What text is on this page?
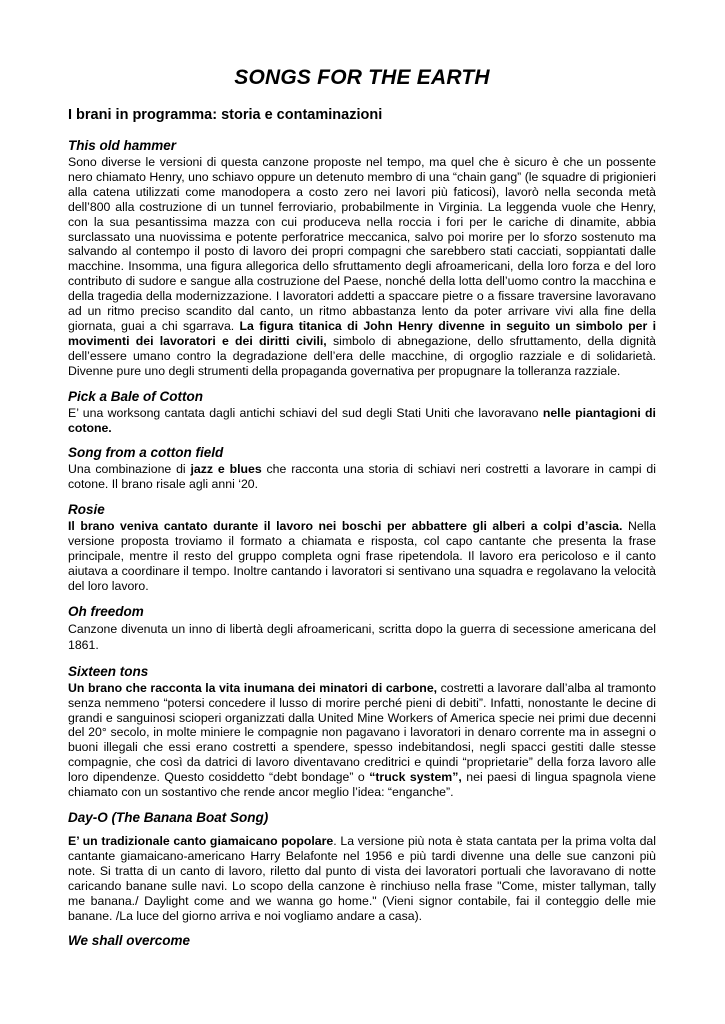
SONGS FOR THE EARTH
I brani in programma: storia e contaminazioni
This old hammer

Sono diverse le versioni di questa canzone proposte nel tempo, ma quel che è sicuro è che un possente nero chiamato Henry, uno schiavo oppure un detenuto membro di una “chain gang” (le squadre di prigionieri alla catena utilizzati come manodopera a costo zero nei lavori più faticosi), lavorò nella seconda metà dell’800 alla costruzione di un tunnel ferroviario, probabilmente in Virginia. La leggenda vuole che Henry, con la sua pesantissima mazza con cui produceva nella roccia i fori per le cariche di dinamite, abbia surclassato una nuovissima e potente perforatrice meccanica, salvo poi morire per lo sforzo sostenuto ma salvando al contempo il posto di lavoro dei propri compagni che sarebbero stati cacciati, soppiantati dalle macchine. Insomma, una figura allegorica dello sfruttamento degli afroamericani, della loro forza e del loro contributo di sudore e sangue alla costruzione del Paese, nonché della lotta dell’uomo contro la macchina e della tragedia della modernizzazione. I lavoratori addetti a spaccare pietre o a fissare traversine lavoravano ad un ritmo preciso scandito dal canto, un ritmo abbastanza lento da poter arrivare vivi alla fine della giornata, guai a chi sgarrava. La figura titanica di John Henry divenne in seguito un simbolo per i movimenti dei lavoratori e dei diritti civili, simbolo di abnegazione, dello sfruttamento, della dignità dell’essere umano contro la degradazione dell’era delle macchine, di orgoglio razziale e di solidarietà. Divenne pure uno degli strumenti della propaganda governativa per propugnare la tolleranza razziale.

Pick a Bale of Cotton

E’ una worksong cantata dagli antichi schiavi del sud degli Stati Uniti che lavoravano nelle piantagioni di cotone.

Song from a cotton field

Una combinazione di jazz e blues che racconta una storia di schiavi neri costretti a lavorare in campi di cotone. Il brano risale agli anni ‘20.

Rosie

Il brano veniva cantato durante il lavoro nei boschi per abbattere gli alberi a colpi d’ascia. Nella versione proposta troviamo il formato a chiamata e risposta, col capo cantante che presenta la frase principale, mentre il resto del gruppo completa ogni frase ripetendola. Il lavoro era pericoloso e il canto aiutava a coordinare il tempo. Inoltre cantando i lavoratori si sentivano una squadra e regolavano la velocità del loro lavoro.

Oh freedom

Canzone divenuta un inno di libertà degli afroamericani, scritta dopo la guerra di secessione americana del 1861.

Sixteen tons

Un brano che racconta la vita inumana dei minatori di carbone, costretti a lavorare dall’alba al tramonto senza nemmeno “potersi concedere il lusso di morire perché pieni di debiti”. Infatti, nonostante le decine di grandi e sanguinosi scioperi organizzati dalla United Mine Workers of America specie nei primi due decenni del 20° secolo, in molte miniere le compagnie non pagavano i lavoratori in denaro corrente ma in assegni o buoni illegali che essi erano costretti a spendere, spesso indebitandosi, negli spacci gestiti dalle stesse compagnie, che così da datrici di lavoro diventavano creditrici e quindi “proprietarie” della forza lavoro alle loro dipendenze. Questo cosiddetto “debt bondage” o “truck system”, nei paesi di lingua spagnola viene chiamato con un sostantivo che rende ancor meglio l’idea: “enganche”.

Day-O (The Banana Boat Song)

E’ un tradizionale canto giamaicano popolare. La versione più nota è stata cantata per la prima volta dal cantante giamaicano-americano Harry Belafonte nel 1956 e più tardi divenne una delle sue canzoni più note. Si tratta di un canto di lavoro, riletto dal punto di vista dei lavoratori portuali che lavoravano di notte caricando banane sulle navi. Lo scopo della canzone è rinchiuso nella frase "Come, mister tallyman, tally me banana./ Daylight come and we wanna go home." (Vieni signor contabile, fai il conteggio delle mie banane. /La luce del giorno arriva e noi vogliamo andare a casa).

We shall overcome
